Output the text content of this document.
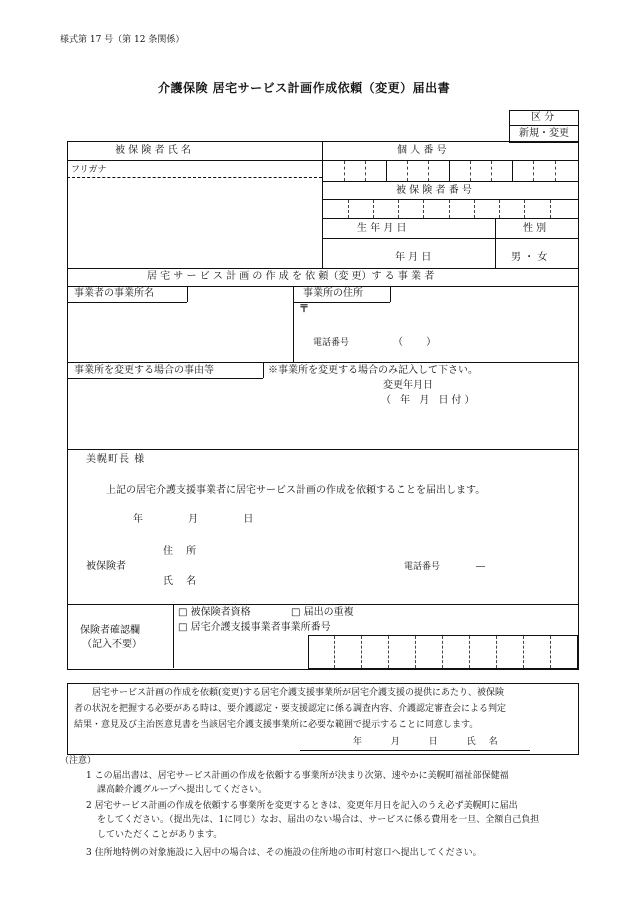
様式第 17 号（第 12 条関係）
介護保険 居宅サービス計画作成依頼（変更）届出書
区 分
新規・変更
被 保 険 者 氏 名	個 人 番 号
フリガナ
被 保 険 者 番 号
生 年 月 日	性 別
年 月 日	男 ・ 女
居 宅 サ ー ビ ス 計 画 の 作 成 を 依 頼（変 更）す る 事 業 者
事業者の事業所名	事業所の住所
〒
電話番号	（ ）
事業所を変更する場合の事由等	※事業所を変更する場合のみ記入して下さい。
変更年月日
（ 年 月 日付）
美幌町長 様
上記の居宅介護支援事業者に居宅サービス計画の作成を依頼することを届出します。
年 月 日
住 所
被保険者
氏 名
電話番号	―
保険者確認欄
（記入不要）
□ 被保険者資格	□ 届出の重複
□ 居宅介護支援事業者事業所番号
居宅サービス計画の作成を依頼(変更)する居宅介護支援事業所が居宅介護支援の提供にあたり、被保険
者の状況を把握する必要がある時は、要介護認定・要支援認定に係る調査内容、介護認定審査会による判定
結果・意見及び主治医意見書を当該居宅介護支援事業所に必要な範囲で提示することに同意します。
年 月 日 氏名
（注意）
1 この届出書は、居宅サービス計画の作成を依頼する事業所が決まり次第、速やかに美幌町福祉部保健福
課高齢介護グループへ提出してください。
2 居宅サービス計画の作成を依頼する事業所を変更するときは、変更年月日を記入のうえ必ず美幌町に届出
をしてください。（提出先は、1に同じ）なお、届出のない場合は、サービスに係る費用を一旦、全額自己負担
していただくことがあります。
3 住所地特例の対象施設に入居中の場合は、その施設の住所地の市町村窓口へ提出してください。
